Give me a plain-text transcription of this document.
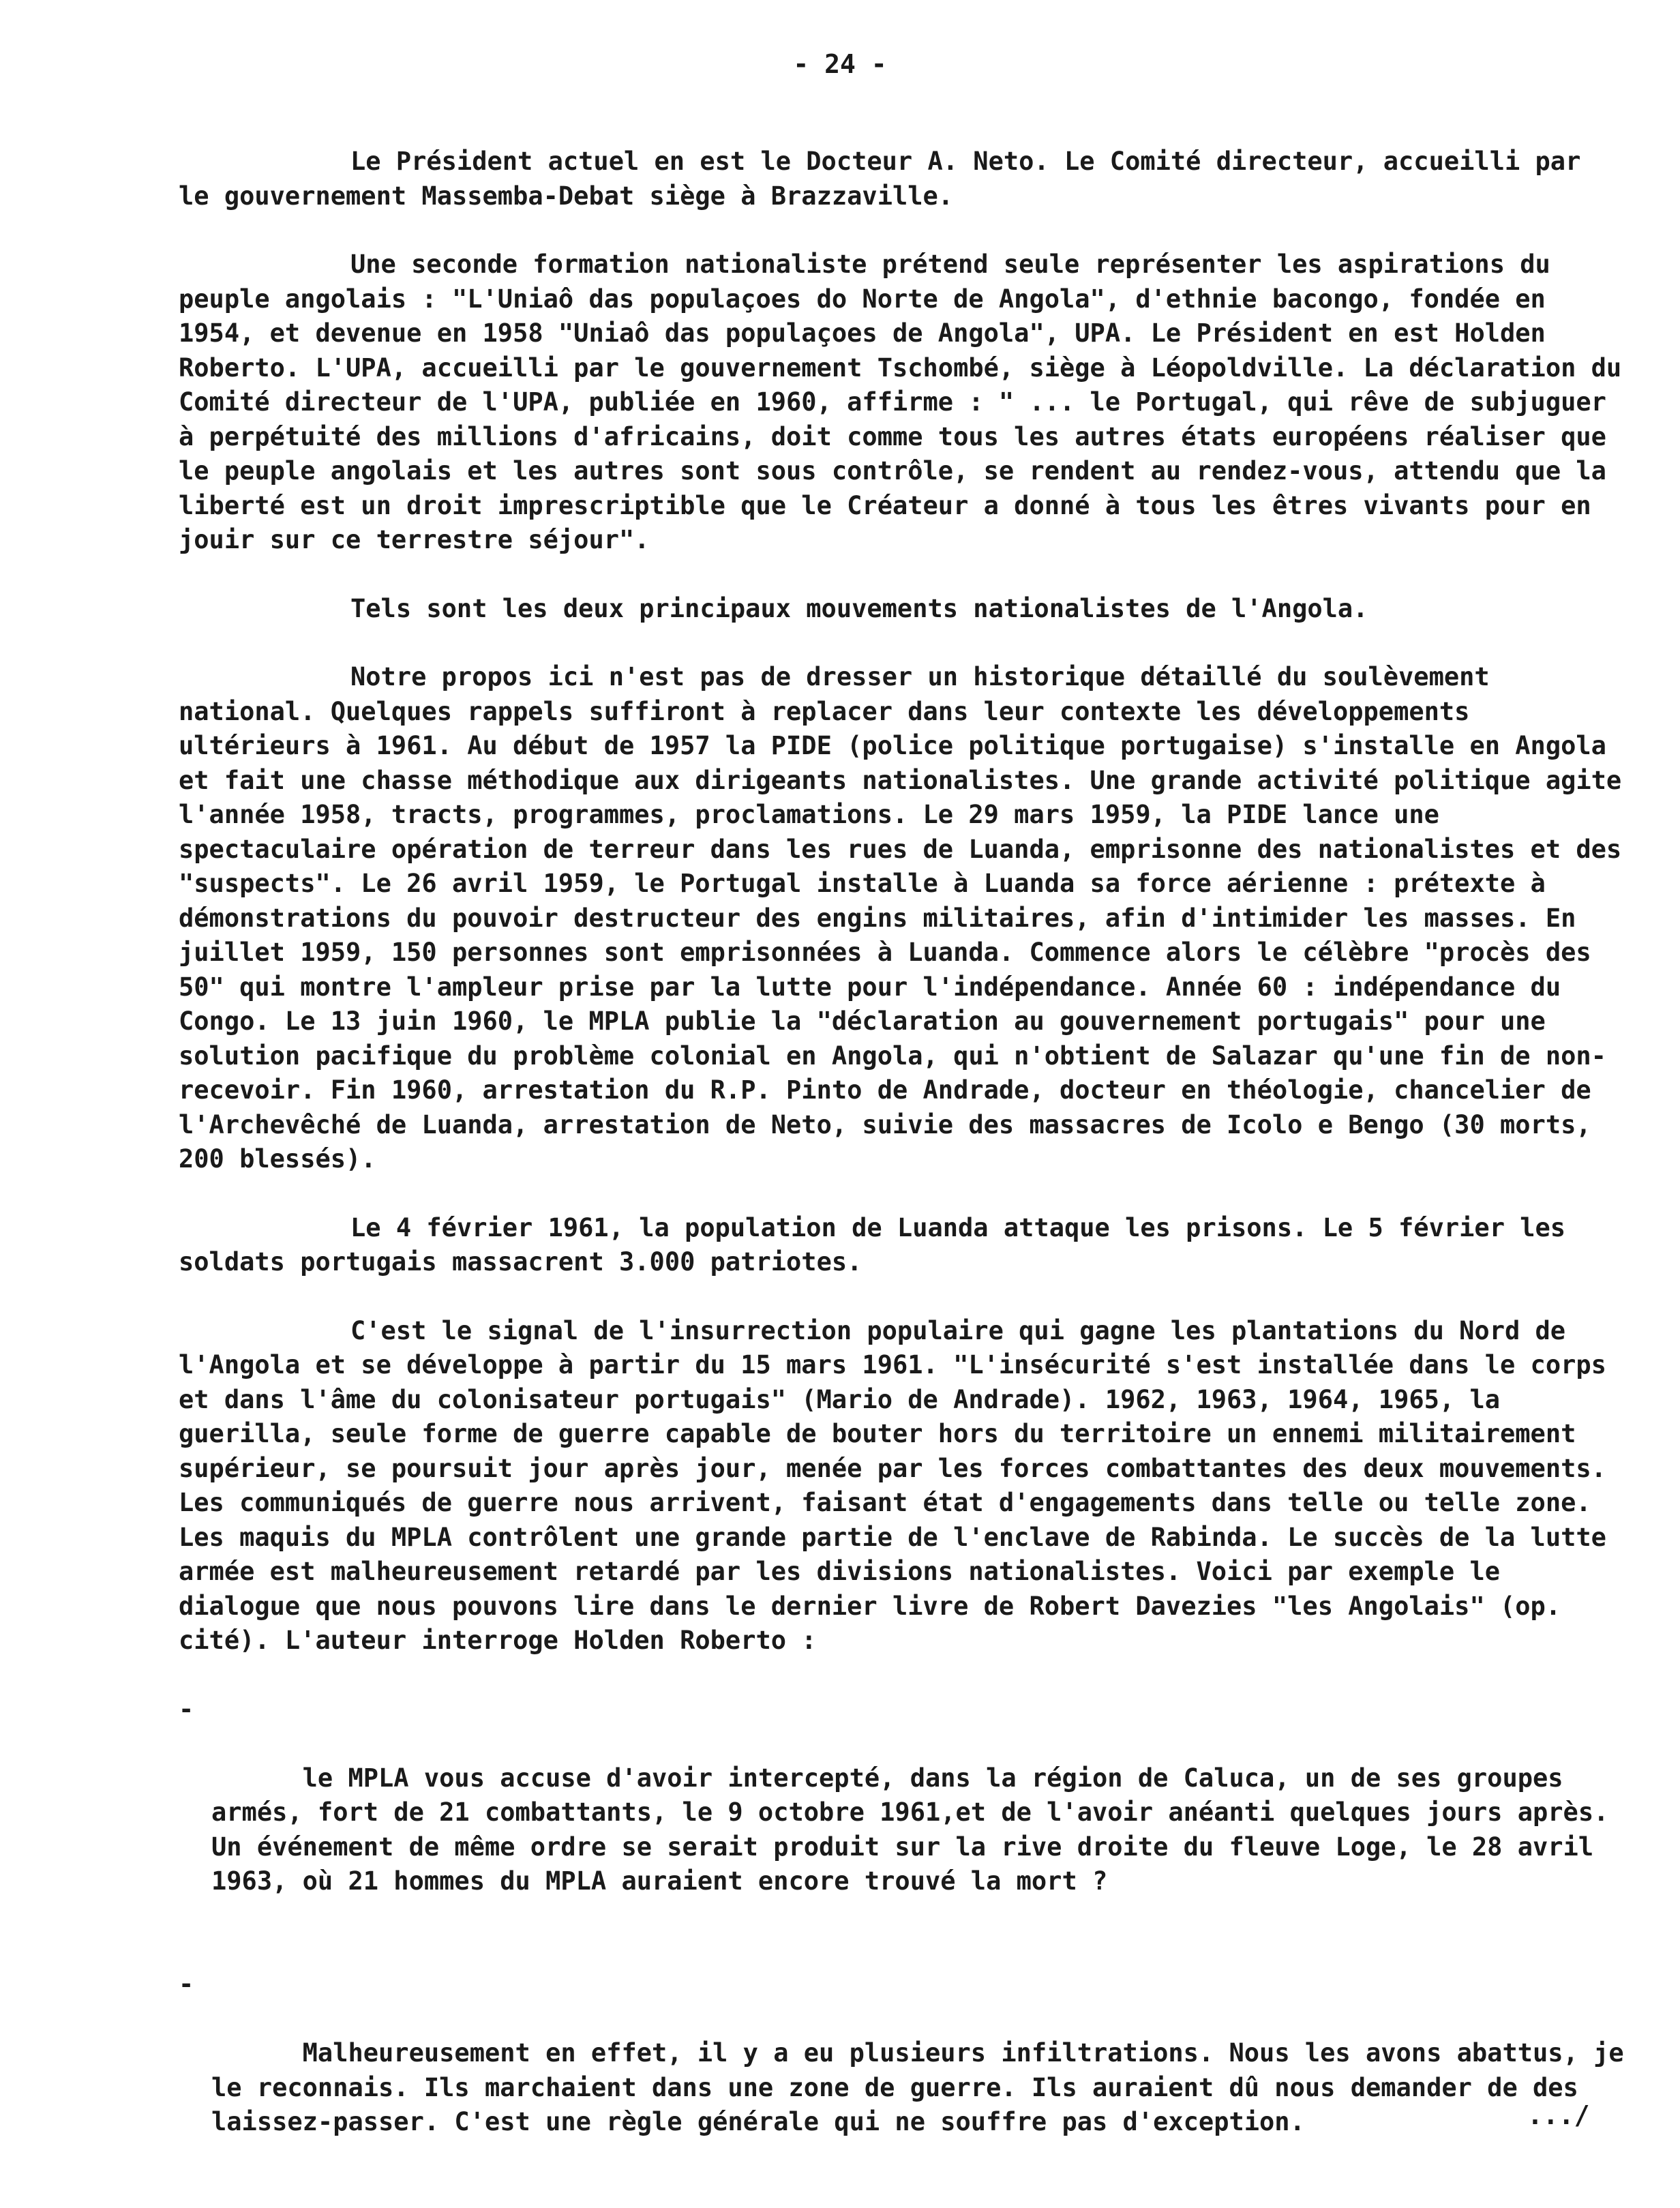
- 24 -

Le Président actuel en est le Docteur A. Neto. Le Comité directeur, accueilli par le gouvernement Massemba-Debat siège à Brazzaville.

Une seconde formation nationaliste prétend seule représenter les aspirations du peuple angolais : "L'Uniaô das populaçoes do Norte de Angola", d'ethnie bacongo, fondée en 1954, et devenue en 1958 "Uniaô das populaçoes de Angola", UPA. Le Président en est Holden Roberto. L'UPA, accueilli par le gouvernement Tschombé, siège à Léopoldville. La déclaration du Comité directeur de l'UPA, publiée en 1960, affirme : " ... le Portugal, qui rêve de subjuguer à perpétuité des millions d'africains, doit comme tous les autres états européens réaliser que le peuple angolais et les autres sont sous contrôle, se rendent au rendez-vous, attendu que la liberté est un droit imprescriptible que le Créateur a donné à tous les êtres vivants pour en jouir sur ce terrestre séjour".

Tels sont les deux principaux mouvements nationalistes de l'Angola.

Notre propos ici n'est pas de dresser un historique détaillé du soulèvement national. Quelques rappels suffiront à replacer dans leur contexte les développements ultérieurs à 1961. Au début de 1957 la PIDE (police politique portugaise) s'installe en Angola et fait une chasse méthodique aux dirigeants nationalistes. Une grande activité politique agite l'année 1958, tracts, programmes, proclamations. Le 29 mars 1959, la PIDE lance une spectaculaire opération de terreur dans les rues de Luanda, emprisonne des nationalistes et des "suspects". Le 26 avril 1959, le Portugal installe à Luanda sa force aérienne : prétexte à démonstrations du pouvoir destructeur des engins militaires, afin d'intimider les masses. En juillet 1959, 150 personnes sont emprisonnées à Luanda. Commence alors le célèbre "procès des 50" qui montre l'ampleur prise par la lutte pour l'indépendance. Année 60 : indépendance du Congo. Le 13 juin 1960, le MPLA publie la "déclaration au gouvernement portugais" pour une solution pacifique du problème colonial en Angola, qui n'obtient de Salazar qu'une fin de non-recevoir. Fin 1960, arrestation du R.P. Pinto de Andrade, docteur en théologie, chancelier de l'Archevêché de Luanda, arrestation de Neto, suivie des massacres de Icolo e Bengo (30 morts, 200 blessés).

Le 4 février 1961, la population de Luanda attaque les prisons. Le 5 février les soldats portugais massacrent 3.000 patriotes.

C'est le signal de l'insurrection populaire qui gagne les plantations du Nord de l'Angola et se développe à partir du 15 mars 1961. "L'insécurité s'est installée dans le corps et dans l'âme du colonisateur portugais" (Mario de Andrade). 1962, 1963, 1964, 1965, la guerilla, seule forme de guerre capable de bouter hors du territoire un ennemi militairement supérieur, se poursuit jour après jour, menée par les forces combattantes des deux mouvements. Les communiqués de guerre nous arrivent, faisant état d'engagements dans telle ou telle zone. Les maquis du MPLA contrôlent une grande partie de l'enclave de Rabinda. Le succès de la lutte armée est malheureusement retardé par les divisions nationalistes. Voici par exemple le dialogue que nous pouvons lire dans le dernier livre de Robert Davezies "les Angolais" (op. cité). L'auteur interroge Holden Roberto :

-

le MPLA vous accuse d'avoir intercepté, dans la région de Caluca, un de ses groupes armés, fort de 21 combattants, le 9 octobre 1961,et de l'avoir anéanti quelques jours après. Un événement de même ordre se serait produit sur la rive droite du fleuve Loge, le 28 avril 1963, où 21 hommes du MPLA auraient encore trouvé la mort ?

-

Malheureusement en effet, il y a eu plusieurs infiltrations. Nous les avons abattus, je le reconnais. Ils marchaient dans une zone de guerre. Ils auraient dû nous demander de des laissez-passer. C'est une règle générale qui ne souffre pas d'exception.
	.../
